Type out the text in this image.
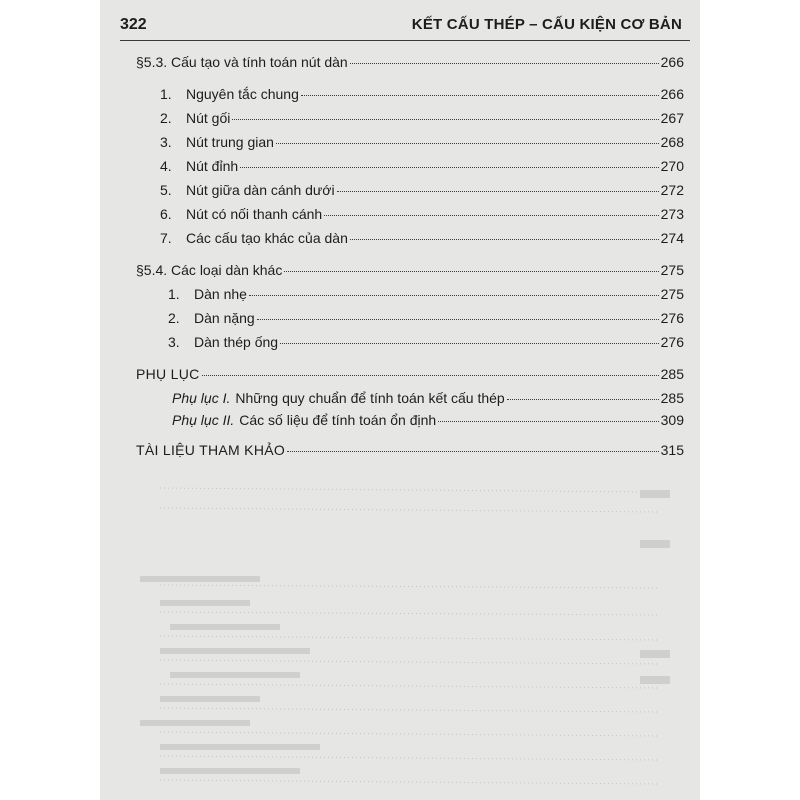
322	KẾT CẤU THÉP – CẤU KIỆN CƠ BẢN
§5.3. Cấu tạo và tính toán nút dàn	266
1.	Nguyên tắc chung	266
2.	Nút gối	267
3.	Nút trung gian	268
4.	Nút đỉnh	270
5.	Nút giữa dàn cánh dưới	272
6.	Nút có nối thanh cánh	273
7.	Các cấu tạo khác của dàn	274
§5.4. Các loại dàn khác	275
1.	Dàn nhẹ	275
2.	Dàn nặng	276
3.	Dàn thép ống	276
PHỤ LỤC	285
Phụ lục I. Những quy chuẩn để tính toán kết cấu thép	285
Phụ lục II. Các số liệu để tính toán ổn định	309
TÀI LIỆU THAM KHẢO	315
